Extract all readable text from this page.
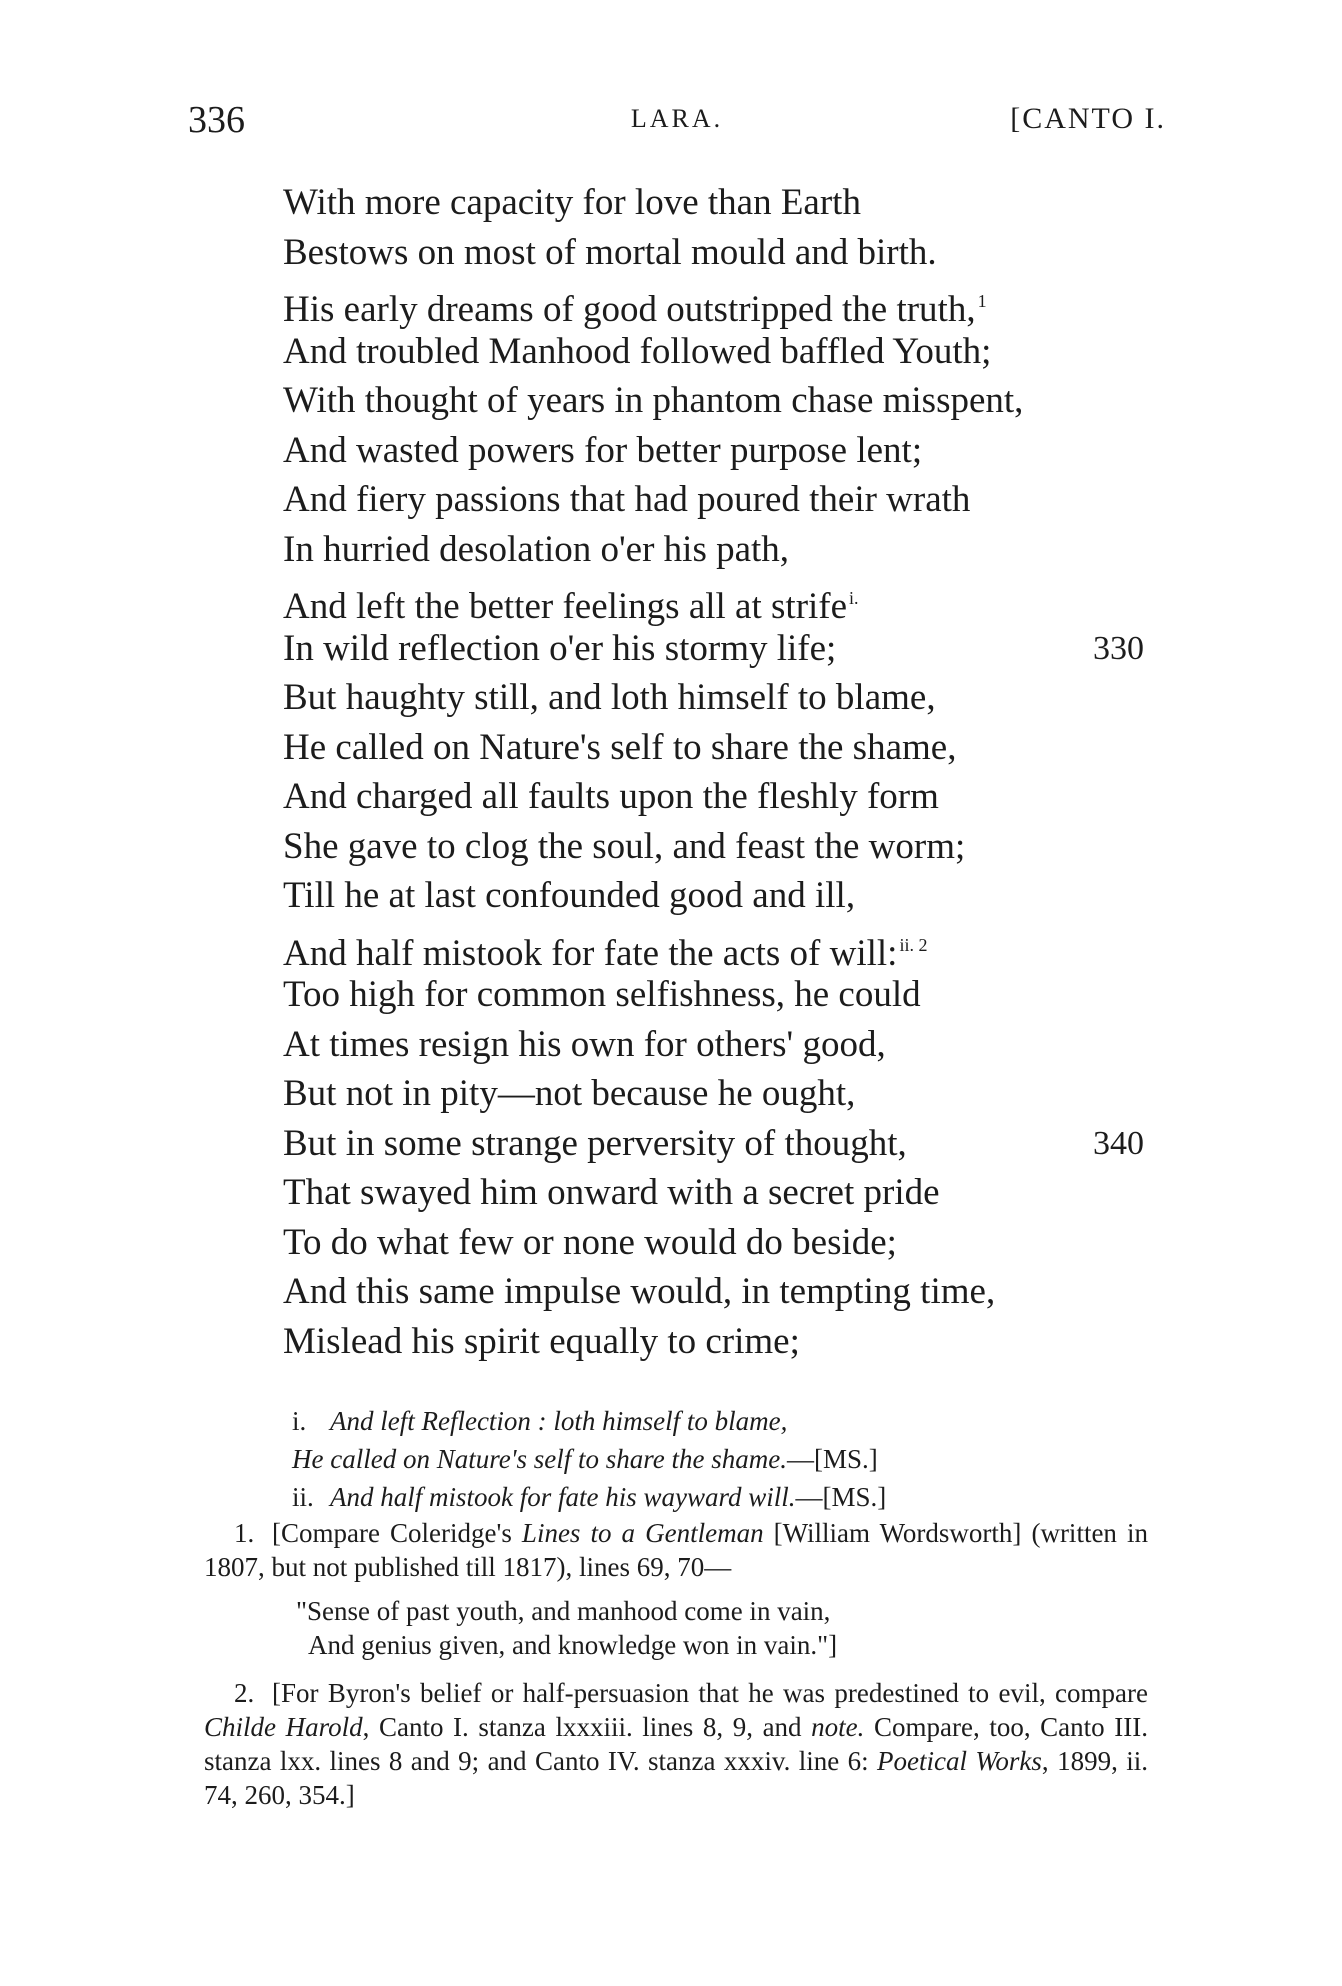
336	LARA.	[CANTO I.
With more capacity for love than Earth
Bestows on most of mortal mould and birth.
His early dreams of good outstripped the truth, $^1$
And troubled Manhood followed baffled Youth;
With thought of years in phantom chase misspent,
And wasted powers for better purpose lent;
And fiery passions that had poured their wrath
In hurried desolation o'er his path,
And left the better feelings all at strife $^{i.}$
In wild reflection o'er his stormy life;	330
But haughty still, and loth himself to blame,
He called on Nature's self to share the shame,
And charged all faults upon the fleshly form
She gave to clog the soul, and feast the worm;
Till he at last confounded good and ill,
And half mistook for fate the acts of will: $^{ii. 2}$
Too high for common selfishness, he could
At times resign his own for others' good,
But not in pity—not because he ought,
But in some strange perversity of thought,	340
That swayed him onward with a secret pride
To do what few or none would do beside;
And this same impulse would, in tempting time,
Mislead his spirit equally to crime;
i. And left Reflection : loth himself to blame,
He called on Nature's self to share the shame.—[MS.]
ii. And half mistook for fate his wayward will.—[MS.]
1. [Compare Coleridge's Lines to a Gentleman [William Wordsworth] (written in 1807, but not published till 1817), lines 69, 70—
"Sense of past youth, and manhood come in vain,
And genius given, and knowledge won in vain."]
2. [For Byron's belief or half-persuasion that he was predestined to evil, compare Childe Harold, Canto I. stanza lxxxiii. lines 8, 9, and note. Compare, too, Canto III. stanza lxx. lines 8 and 9; and Canto IV. stanza xxxiv. line 6: Poetical Works, 1899, ii. 74, 260, 354.]
